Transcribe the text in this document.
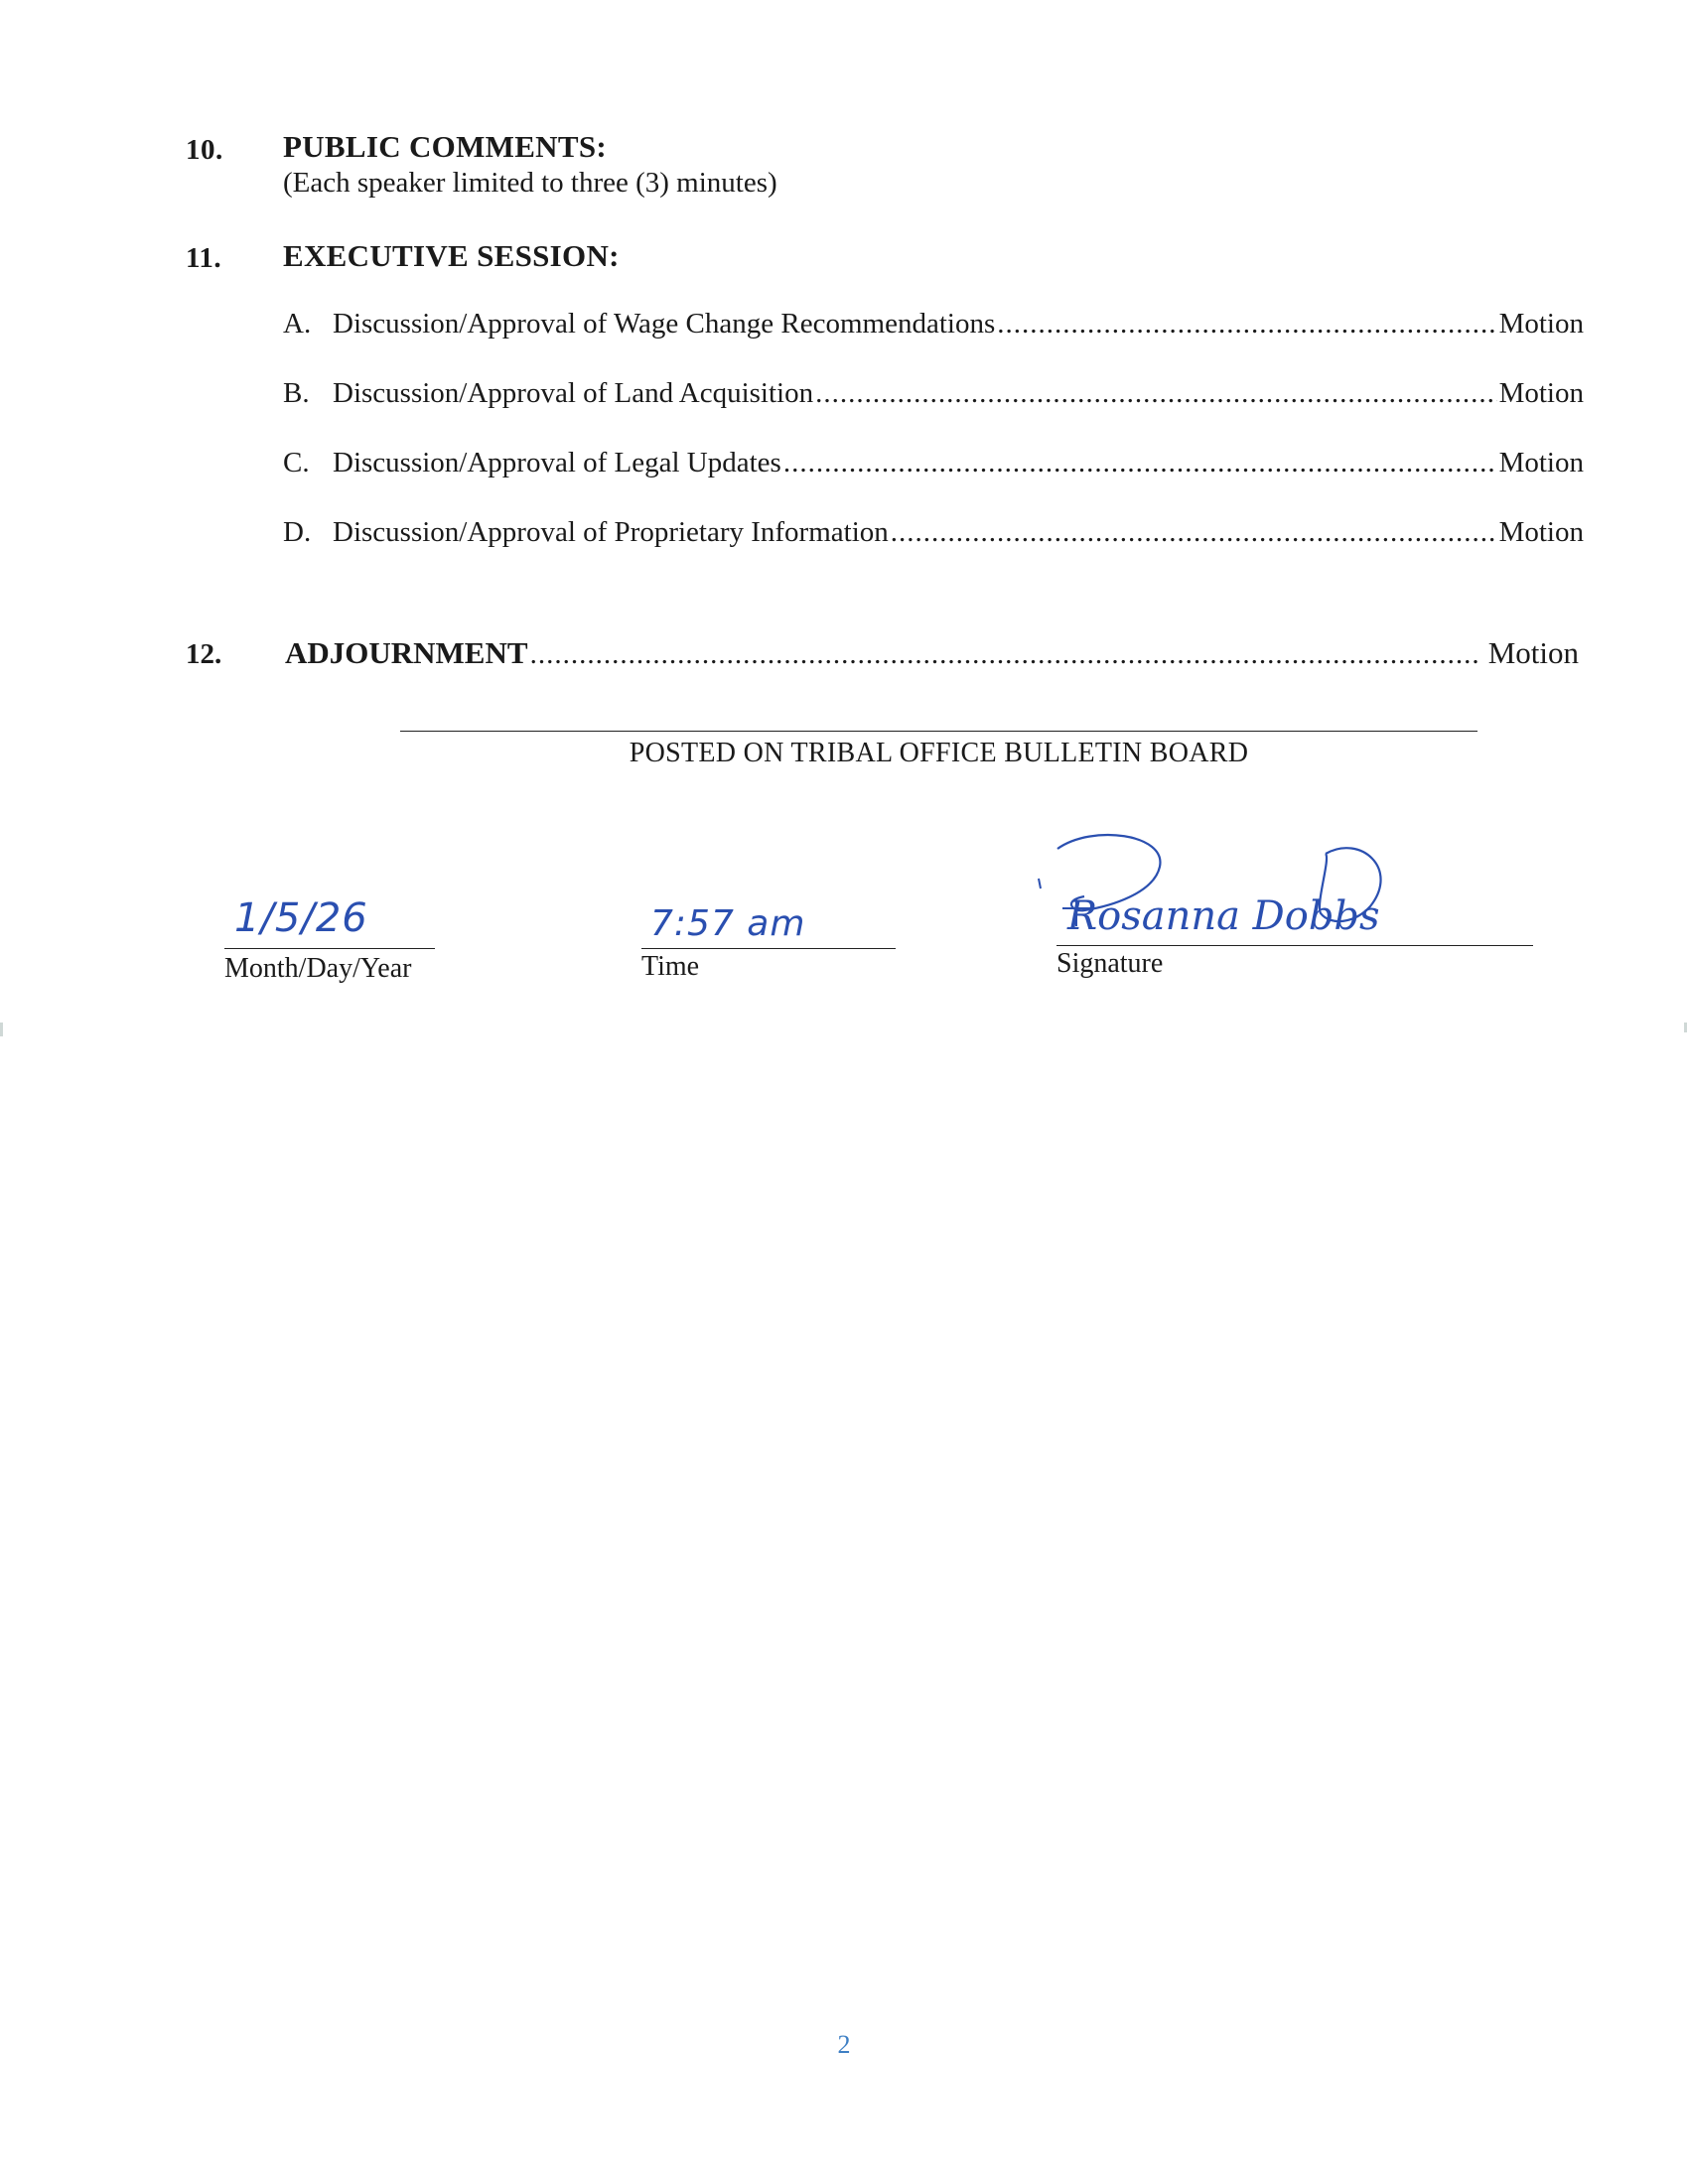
10. PUBLIC COMMENTS:
(Each speaker limited to three (3) minutes)
11. EXECUTIVE SESSION:
A. Discussion/Approval of Wage Change Recommendations .....	Motion
B. Discussion/Approval of Land Acquisition .....	Motion
C. Discussion/Approval of Legal Updates .....	Motion
D. Discussion/Approval of Proprietary Information .....	Motion
12.	ADJOURNMENT .....	Motion
POSTED ON TRIBAL OFFICE BULLETIN BOARD
1/5/26
Month/Day/Year
7:57 am
Time
Rosanna Dobbs
Signature
2
